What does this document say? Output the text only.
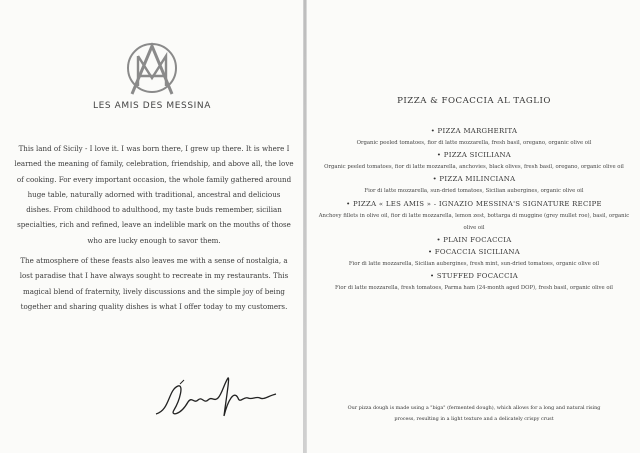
LES AMIS DES MESSINA

This land of Sicily - I love it. I was born there, I grew up there. It is where I learned the meaning of family, celebration, friendship, and above all, the love of cooking. For every important occasion, the whole family gathered around huge table, naturally adorned with traditional, ancestral and delicious dishes. From childhood to adulthood, my taste buds remember, sicilian specialties, rich and refined, leave an indelible mark on the mouths of those who are lucky enough to savor them.

The atmosphere of these feasts also leaves me with a sense of nostalgia, a lost paradise that I have always sought to recreate in my restaurants. This magical blend of fraternity, lively discussions and the simple joy of being together and sharing quality dishes is what I offer today to my customers.

PIZZA & FOCACCIA AL TAGLIO
• PIZZA MARGHERITA
Organic peeled tomatoes, fior di latte mozzarella, fresh basil, oregano, organic olive oil
• PIZZA SICILIANA
Organic peeled tomatoes, fior di latte mozzarella, anchovies, black olives, fresh basil, oregano, organic olive oil
• PIZZA MILINCIANA
Fior di latte mozzarella, sun-dried tomatoes, Sicilian aubergines, organic olive oil
• PIZZA « LES AMIS » - IGNAZIO MESSINA'S SIGNATURE RECIPE
Anchovy fillets in olive oil, fior di latte mozzarella, lemon zest, bottarga di muggine (grey mullet roe), basil, organic olive oil
• PLAIN FOCACCIA
• FOCACCIA SICILIANA
Fior di latte mozzarella, Sicilian aubergines, fresh mint, sun-dried tomatoes, organic olive oil
• STUFFED FOCACCIA
Fior di latte mozzarella, fresh tomatoes, Parma ham (24-month aged DOP), fresh basil, organic olive oil
Our pizza dough is made using a "biga" (fermented dough), which allows for a long and natural rising process, resulting in a light texture and a delicately crispy crust
